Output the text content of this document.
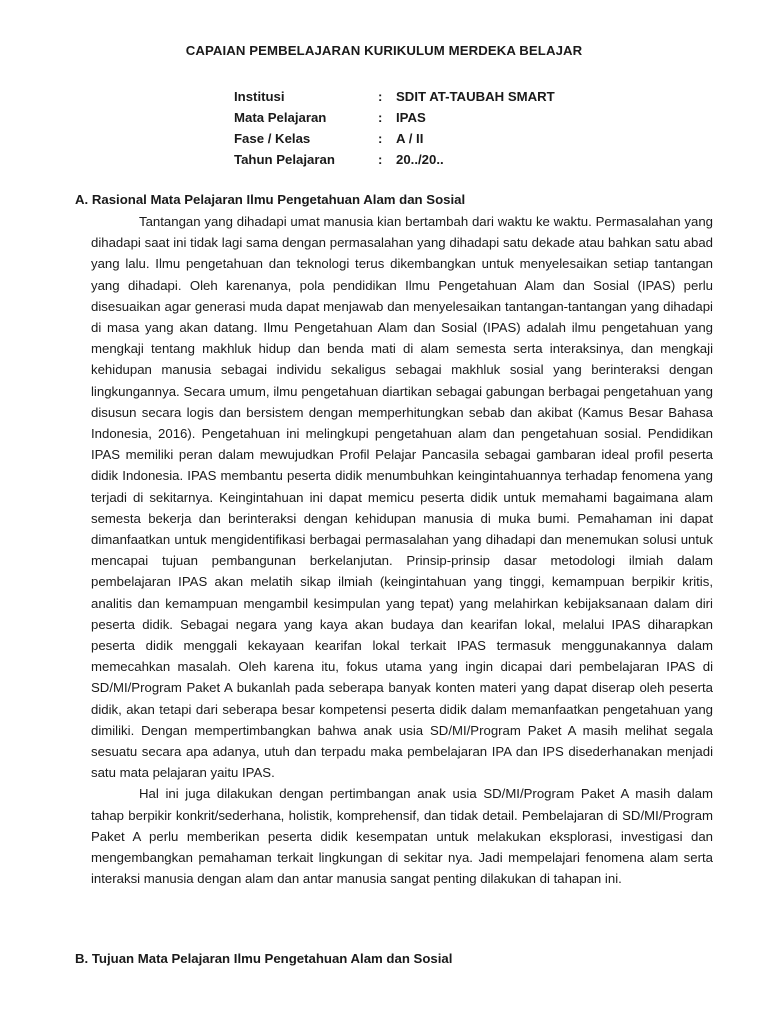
CAPAIAN PEMBELAJARAN KURIKULUM MERDEKA BELAJAR
Institusi	: SDIT AT-TAUBAH SMART
Mata Pelajaran	: IPAS
Fase / Kelas	: A / II
Tahun Pelajaran	: 20../20..
A. Rasional Mata Pelajaran Ilmu Pengetahuan Alam dan Sosial

Tantangan yang dihadapi umat manusia kian bertambah dari waktu ke waktu. Permasalahan yang dihadapi saat ini tidak lagi sama dengan permasalahan yang dihadapi satu dekade atau bahkan satu abad yang lalu. Ilmu pengetahuan dan teknologi terus dikembangkan untuk menyelesaikan setiap tantangan yang dihadapi. Oleh karenanya, pola pendidikan Ilmu Pengetahuan Alam dan Sosial (IPAS) perlu disesuaikan agar generasi muda dapat menjawab dan menyelesaikan tantangan-tantangan yang dihadapi di masa yang akan datang. Ilmu Pengetahuan Alam dan Sosial (IPAS) adalah ilmu pengetahuan yang mengkaji tentang makhluk hidup dan benda mati di alam semesta serta interaksinya, dan mengkaji kehidupan manusia sebagai individu sekaligus sebagai makhluk sosial yang berinteraksi dengan lingkungannya. Secara umum, ilmu pengetahuan diartikan sebagai gabungan berbagai pengetahuan yang disusun secara logis dan bersistem dengan memperhitungkan sebab dan akibat (Kamus Besar Bahasa Indonesia, 2016). Pengetahuan ini melingkupi pengetahuan alam dan pengetahuan sosial. Pendidikan IPAS memiliki peran dalam mewujudkan Profil Pelajar Pancasila sebagai gambaran ideal profil peserta didik Indonesia. IPAS membantu peserta didik menumbuhkan keingintahuannya terhadap fenomena yang terjadi di sekitarnya. Keingintahuan ini dapat memicu peserta didik untuk memahami bagaimana alam semesta bekerja dan berinteraksi dengan kehidupan manusia di muka bumi. Pemahaman ini dapat dimanfaatkan untuk mengidentifikasi berbagai permasalahan yang dihadapi dan menemukan solusi untuk mencapai tujuan pembangunan berkelanjutan. Prinsip-prinsip dasar metodologi ilmiah dalam pembelajaran IPAS akan melatih sikap ilmiah (keingintahuan yang tinggi, kemampuan berpikir kritis, analitis dan kemampuan mengambil kesimpulan yang tepat) yang melahirkan kebijaksanaan dalam diri peserta didik. Sebagai negara yang kaya akan budaya dan kearifan lokal, melalui IPAS diharapkan peserta didik menggali kekayaan kearifan lokal terkait IPAS termasuk menggunakannya dalam memecahkan masalah. Oleh karena itu, fokus utama yang ingin dicapai dari pembelajaran IPAS di SD/MI/Program Paket A bukanlah pada seberapa banyak konten materi yang dapat diserap oleh peserta didik, akan tetapi dari seberapa besar kompetensi peserta didik dalam memanfaatkan pengetahuan yang dimiliki. Dengan mempertimbangkan bahwa anak usia SD/MI/Program Paket A masih melihat segala sesuatu secara apa adanya, utuh dan terpadu maka pembelajaran IPA dan IPS disederhanakan menjadi satu mata pelajaran yaitu IPAS.

Hal ini juga dilakukan dengan pertimbangan anak usia SD/MI/Program Paket A masih dalam tahap berpikir konkrit/sederhana, holistik, komprehensif, dan tidak detail. Pembelajaran di SD/MI/Program Paket A perlu memberikan peserta didik kesempatan untuk melakukan eksplorasi, investigasi dan mengembangkan pemahaman terkait lingkungan di sekitar nya. Jadi mempelajari fenomena alam serta interaksi manusia dengan alam dan antar manusia sangat penting dilakukan di tahapan ini.

B. Tujuan Mata Pelajaran Ilmu Pengetahuan Alam dan Sosial
